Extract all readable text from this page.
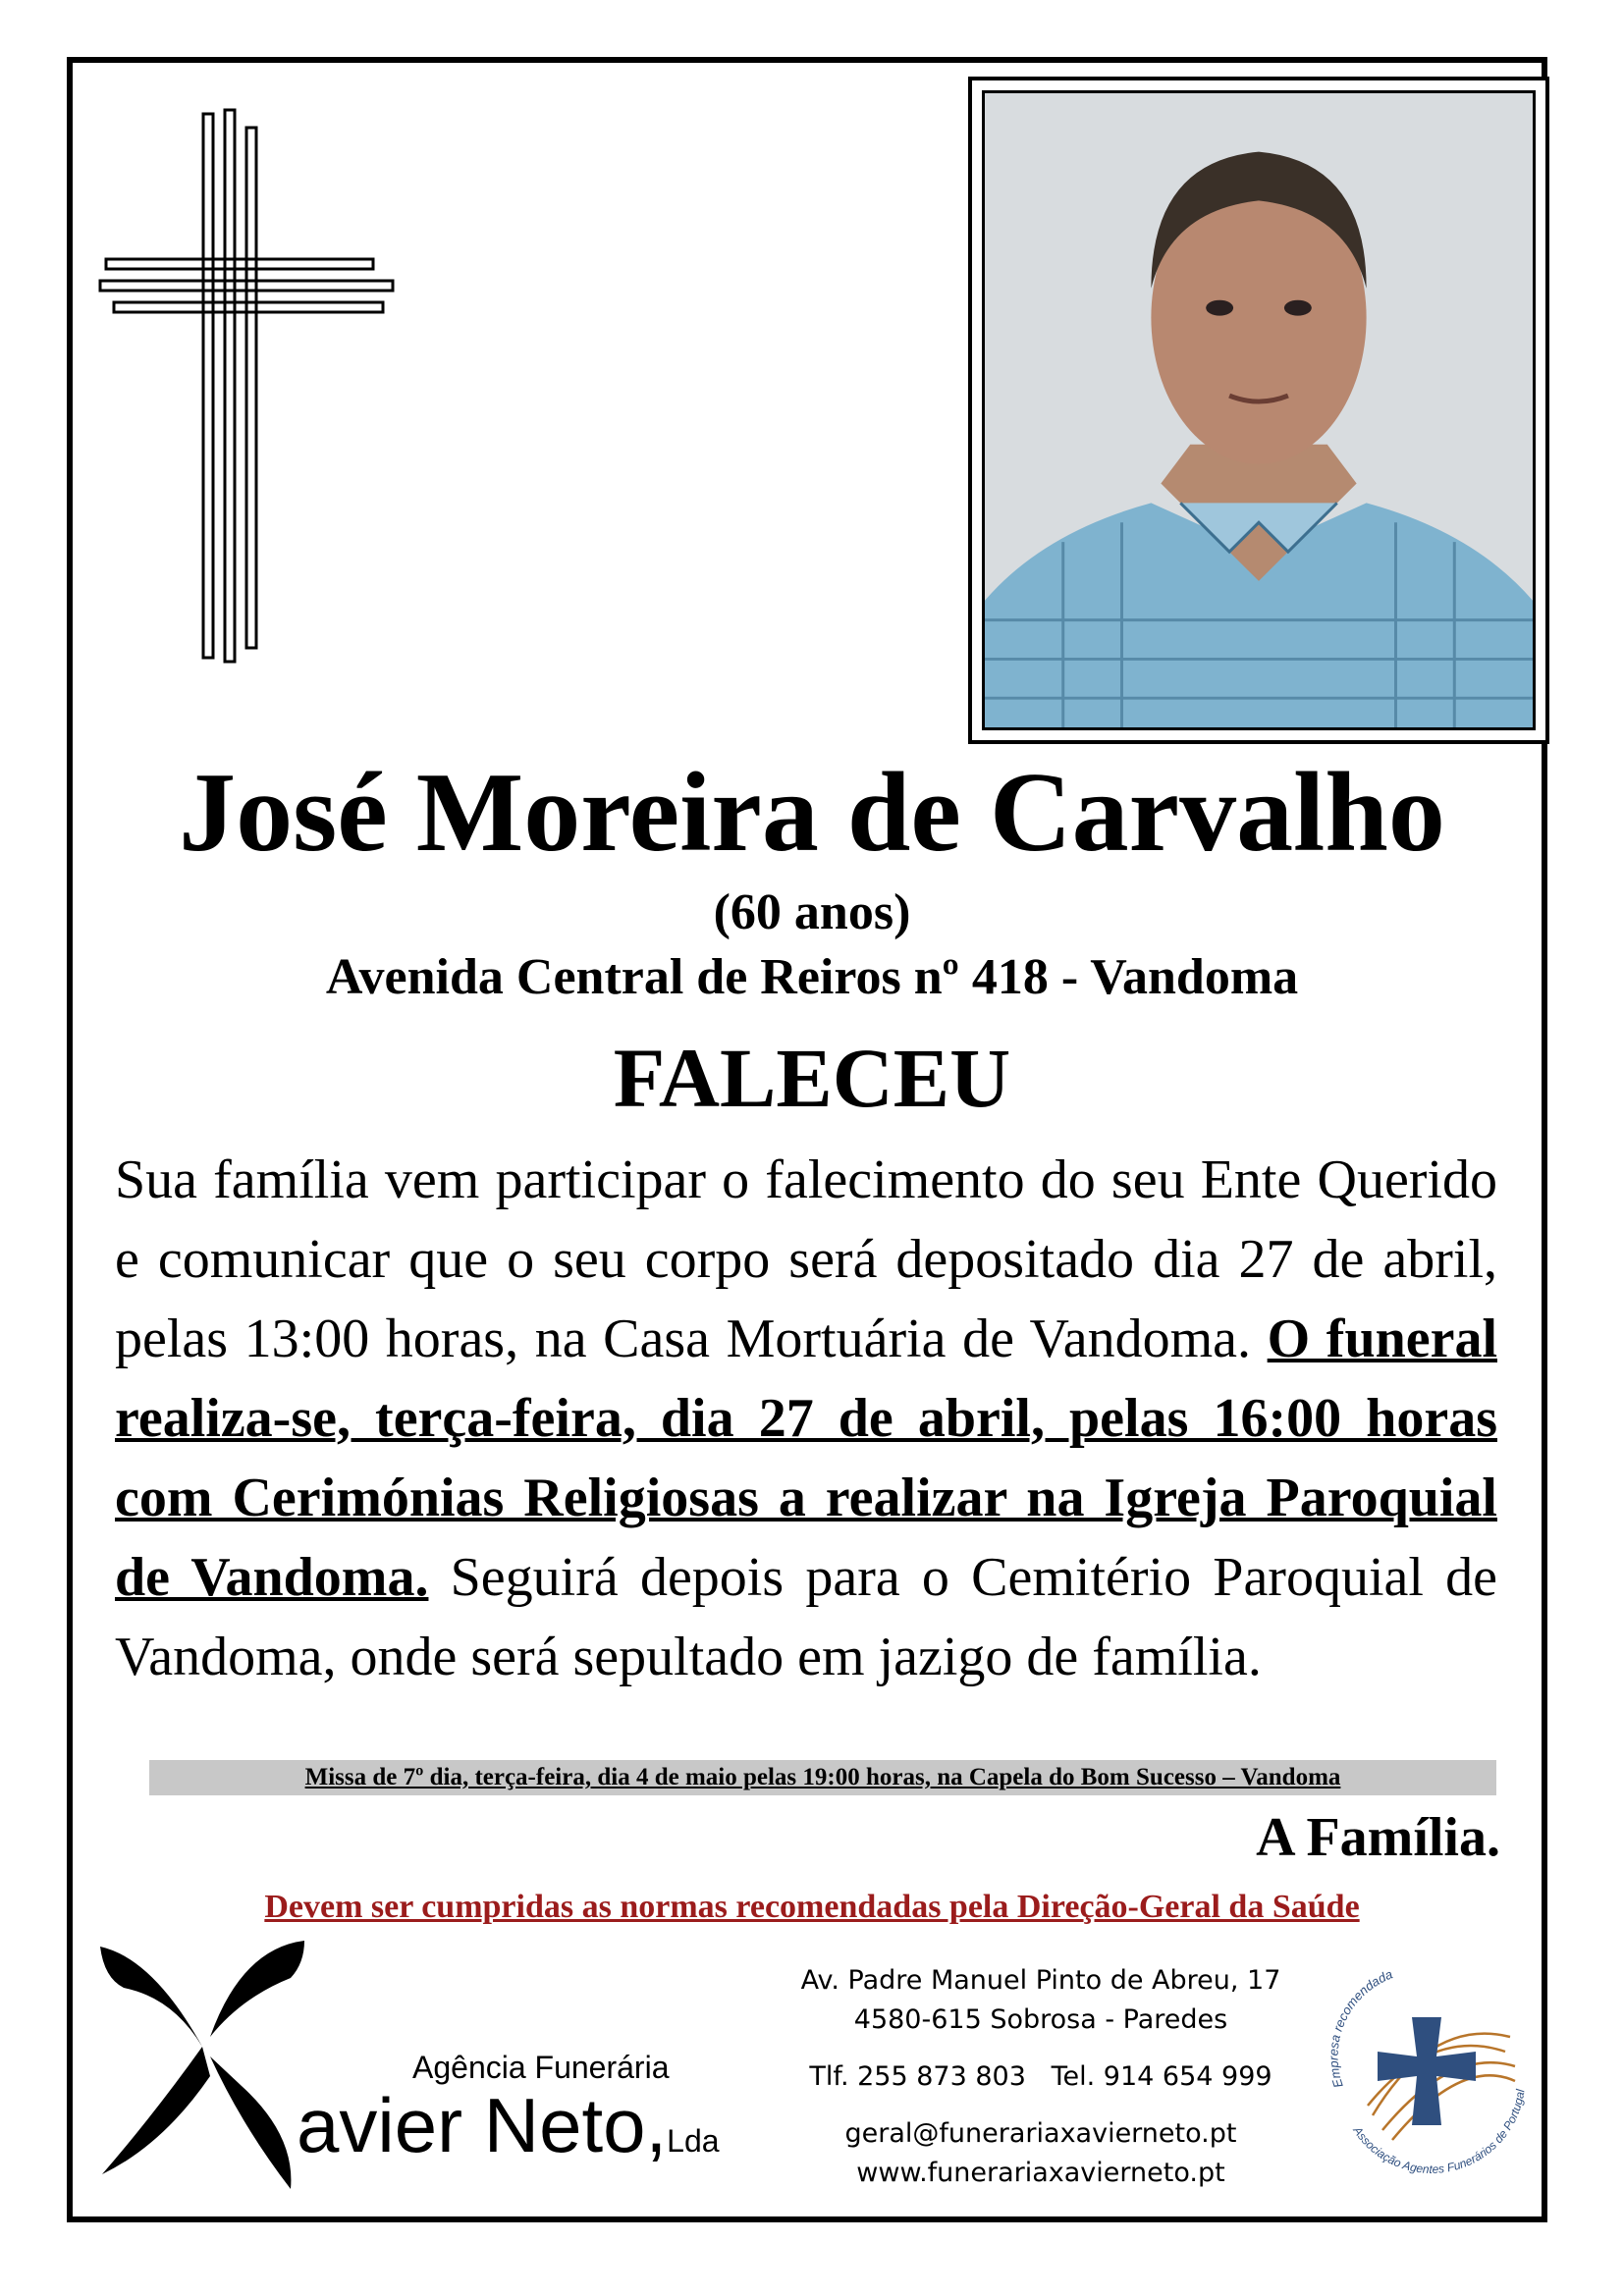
José Moreira de Carvalho
(60 anos)
Avenida Central de Reiros nº 418 - Vandoma
FALECEU
Sua família vem participar o falecimento do seu Ente Querido e comunicar que o seu corpo será depositado dia 27 de abril, pelas 13:00 horas, na Casa Mortuária de Vandoma. O funeral realiza-se, terça-feira, dia 27 de abril, pelas 16:00 horas com Cerimónias Religiosas a realizar na Igreja Paroquial de Vandoma. Seguirá depois para o Cemitério Paroquial de Vandoma, onde será sepultado em jazigo de família.
Missa de 7º dia, terça-feira, dia 4 de maio pelas 19:00 horas, na Capela do Bom Sucesso – Vandoma
A Família.
Devem ser cumpridas as normas recomendadas pela Direção-Geral da Saúde
Agência Funerária
avier Neto,Lda
Av. Padre Manuel Pinto de Abreu, 17
4580-615 Sobrosa - Paredes
Tlf. 255 873 803   Tel. 914 654 999
geral@funerariaxavierneto.pt
www.funerariaxavierneto.pt
Empresa recomendada
Associação Agentes Funerários de Portugal
